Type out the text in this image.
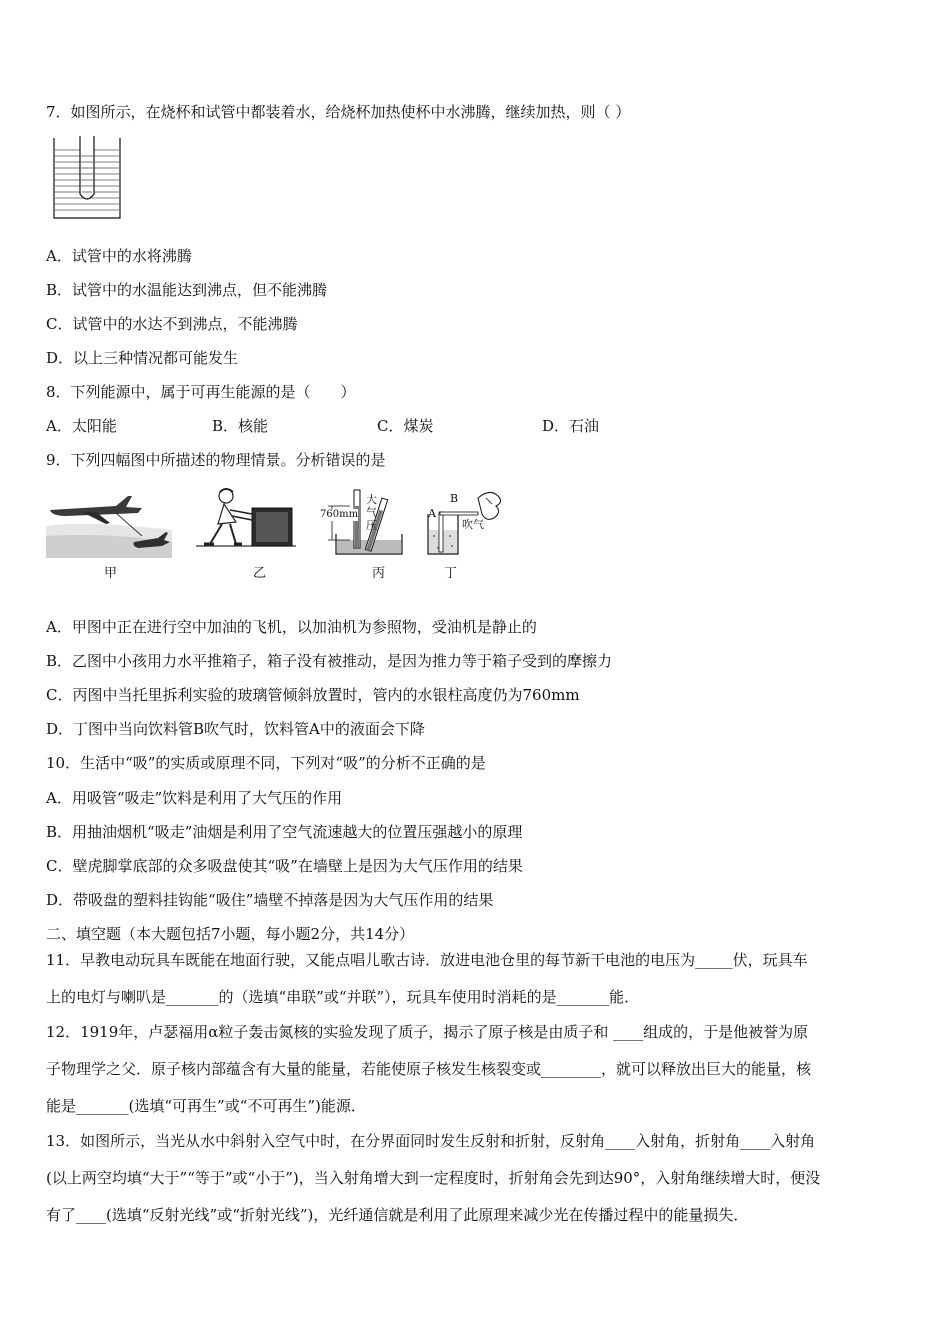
7．如图所示，在烧杯和试管中都装着水，给烧杯加热使杯中水沸腾，继续加热，则（ ）
A．试管中的水将沸腾
B．试管中的水温能达到沸点，但不能沸腾
C．试管中的水达不到沸点，不能沸腾
D．以上三种情况都可能发生
8．下列能源中，属于可再生能源的是（　　）
A．太阳能	B．核能	C．煤炭	D．石油
9．下列四幅图中所描述的物理情景。分析错误的是
甲	乙
760mm
大
气
压
丙
B
A
吹气
丁
A．甲图中正在进行空中加油的飞机，以加油机为参照物，受油机是静止的
B．乙图中小孩用力水平推箱子，箱子没有被推动，是因为推力等于箱子受到的摩擦力
C．丙图中当托里拆利实验的玻璃管倾斜放置时，管内的水银柱高度仍为760mm
D．丁图中当向饮料管B吹气时，饮料管A中的液面会下降
10．生活中“吸”的实质或原理不同，下列对“吸”的分析不正确的是
A．用吸管“吸走”饮料是利用了大气压的作用
B．用抽油烟机“吸走”油烟是利用了空气流速越大的位置压强越小的原理
C．壁虎脚掌底部的众多吸盘使其“吸”在墙壁上是因为大气压作用的结果
D．带吸盘的塑料挂钩能“吸住”墙壁不掉落是因为大气压作用的结果
二、填空题（本大题包括7小题，每小题2分，共14分）
11．早教电动玩具车既能在地面行驶，又能点唱儿歌古诗．放进电池仓里的每节新干电池的电压为_____伏，玩具车
上的电灯与喇叭是_______的（选填“串联”或“并联”），玩具车使用时消耗的是_______能．
12．1919年，卢瑟福用α粒子轰击氮核的实验发现了质子，揭示了原子核是由质子和 ____组成的，于是他被誉为原
子物理学之父．原子核内部蕴含有大量的能量，若能使原子核发生核裂变或________，就可以释放出巨大的能量，核
能是_______(选填“可再生”或“不可再生”)能源．
13．如图所示，当光从水中斜射入空气中时，在分界面同时发生反射和折射，反射角____入射角，折射角____入射角
(以上两空均填“大于”“等于”或“小于”)，当入射角增大到一定程度时，折射角会先到达90°，入射角继续增大时，便没
有了____(选填“反射光线”或“折射光线”)，光纤通信就是利用了此原理来减少光在传播过程中的能量损失．
